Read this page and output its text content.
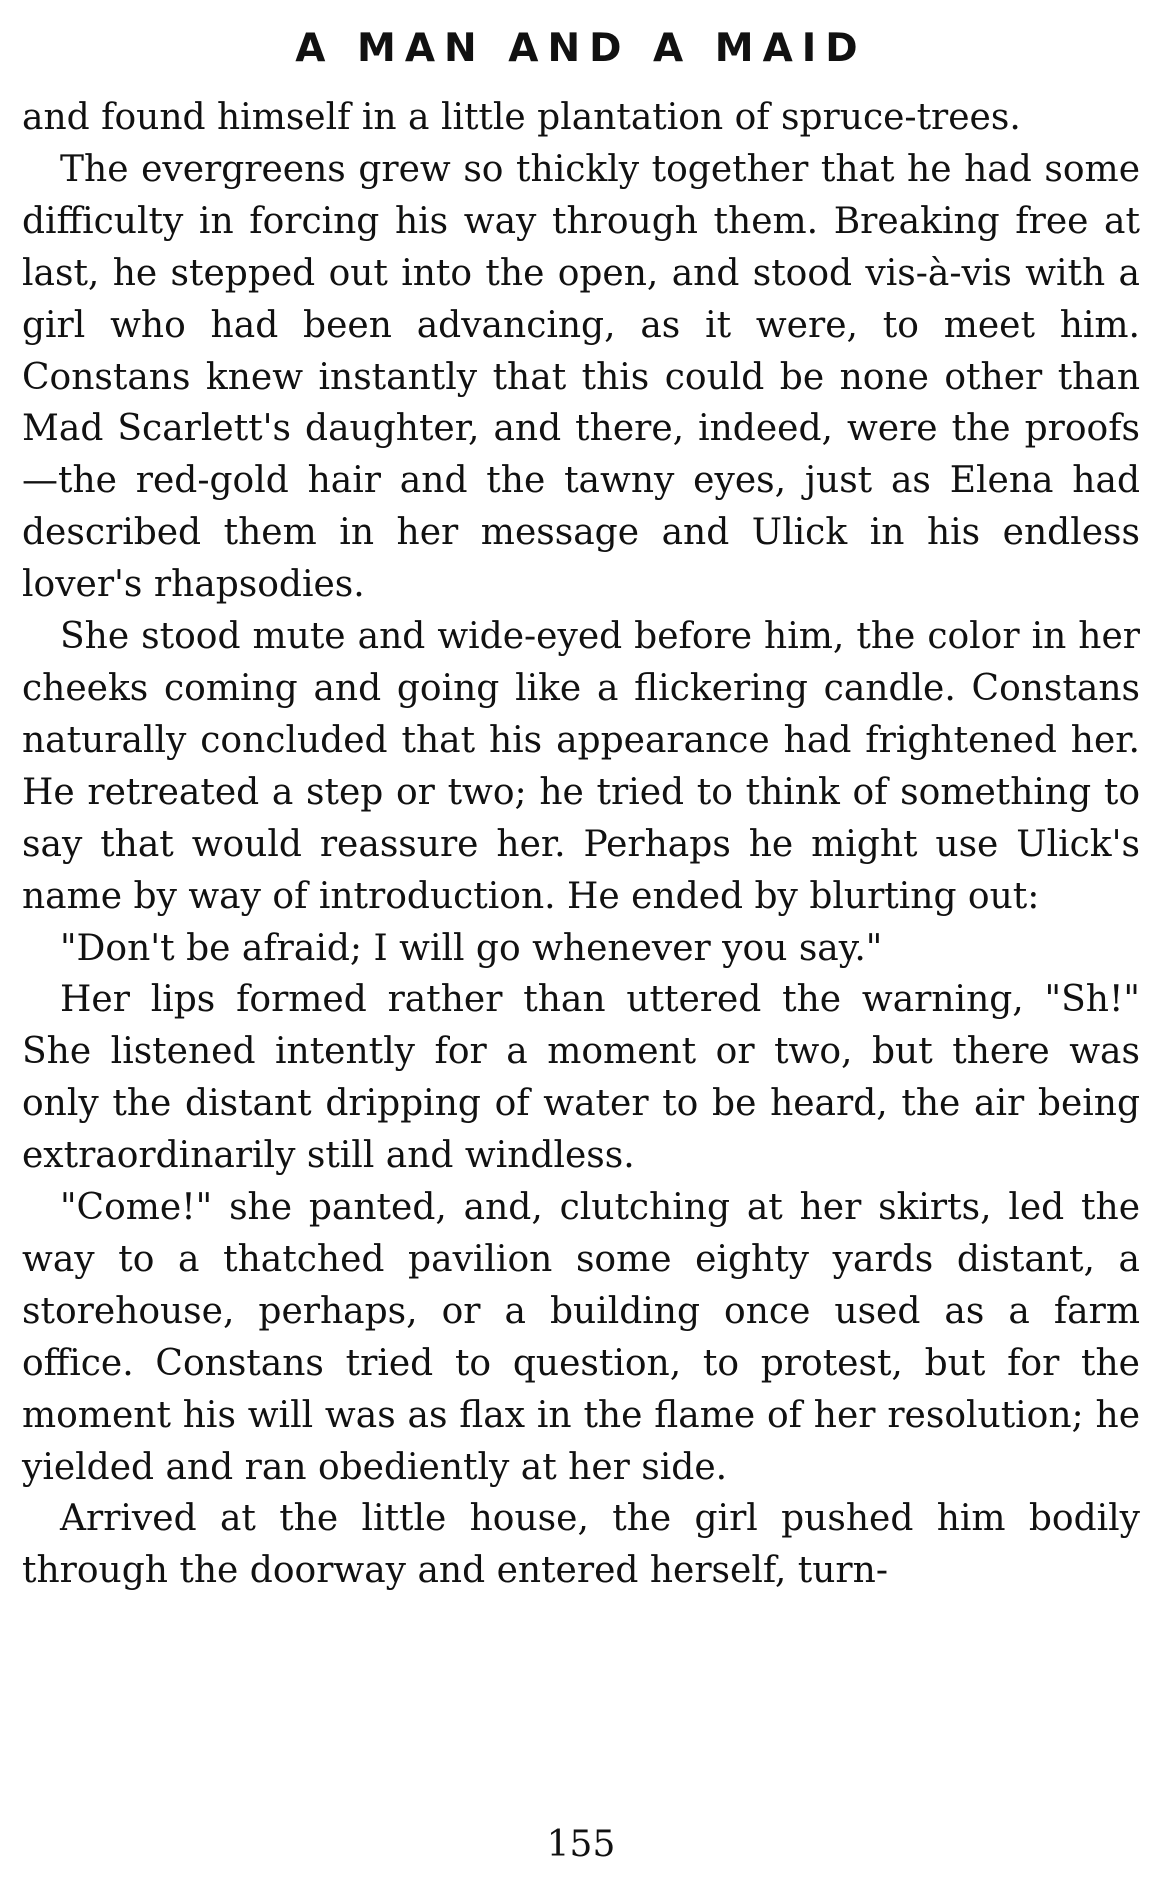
A MAN AND A MAID

and found himself in a little plantation of spruce-trees.

The evergreens grew so thickly together that he had some difficulty in forcing his way through them. Breaking free at last, he stepped out into the open, and stood vis-à-vis with a girl who had been advancing, as it were, to meet him. Constans knew instantly that this could be none other than Mad Scarlett's daughter, and there, indeed, were the proofs —the red-gold hair and the tawny eyes, just as Elena had described them in her message and Ulick in his endless lover's rhapsodies.

She stood mute and wide-eyed before him, the color in her cheeks coming and going like a flickering candle. Constans naturally concluded that his appearance had frightened her. He retreated a step or two; he tried to think of something to say that would reassure her. Perhaps he might use Ulick's name by way of introduction. He ended by blurting out:

"Don't be afraid; I will go whenever you say."

Her lips formed rather than uttered the warning, "Sh!" She listened intently for a moment or two, but there was only the distant dripping of water to be heard, the air being extraordinarily still and windless.

"Come!" she panted, and, clutching at her skirts, led the way to a thatched pavilion some eighty yards distant, a storehouse, perhaps, or a building once used as a farm office. Constans tried to question, to protest, but for the moment his will was as flax in the flame of her resolution; he yielded and ran obediently at her side.

Arrived at the little house, the girl pushed him bodily through the doorway and entered herself, turn-

155
